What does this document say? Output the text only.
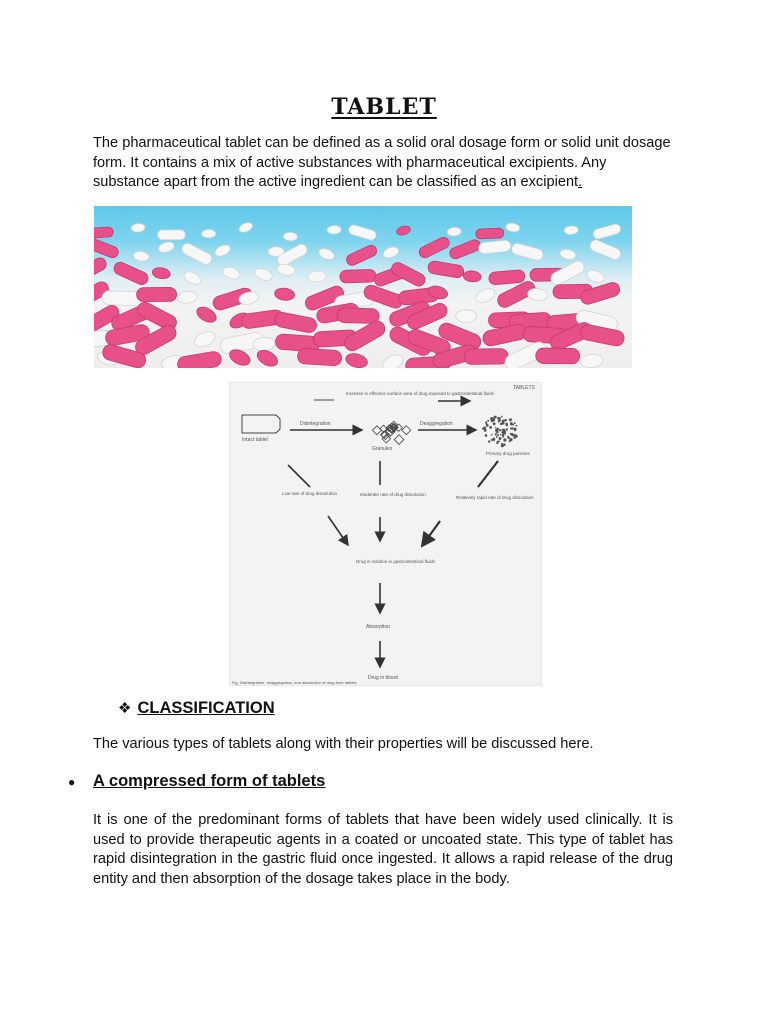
TABLET

The pharmaceutical tablet can be defined as a solid oral dosage form or solid unit dosage form. It contains a mix of active substances with pharmaceutical excipients. Any substance apart from the active ingredient can be classified as an excipient.

TABLETS
Increase in effective surface area of drug exposed to gastrointestinal fluids
Intact tablet
Disintegration
Granules
Deaggregation
Primary drug particles
Low rate of drug dissolution	Moderate rate of drug dissolution
Relatively rapid rate of drug dissolution
Drug in solution in gastrointestinal fluids
Absorption
Drug in blood
Fig. Disintegration, deaggregation, and dissolution of drug from tablets
❖ CLASSIFICATION

The various types of tablets along with their properties will be discussed here.

● A compressed form of tablets

It is one of the predominant forms of tablets that have been widely used clinically. It is used to provide therapeutic agents in a coated or uncoated state. This type of tablet has rapid disintegration in the gastric fluid once ingested. It allows a rapid release of the drug entity and then absorption of the dosage takes place in the body.
